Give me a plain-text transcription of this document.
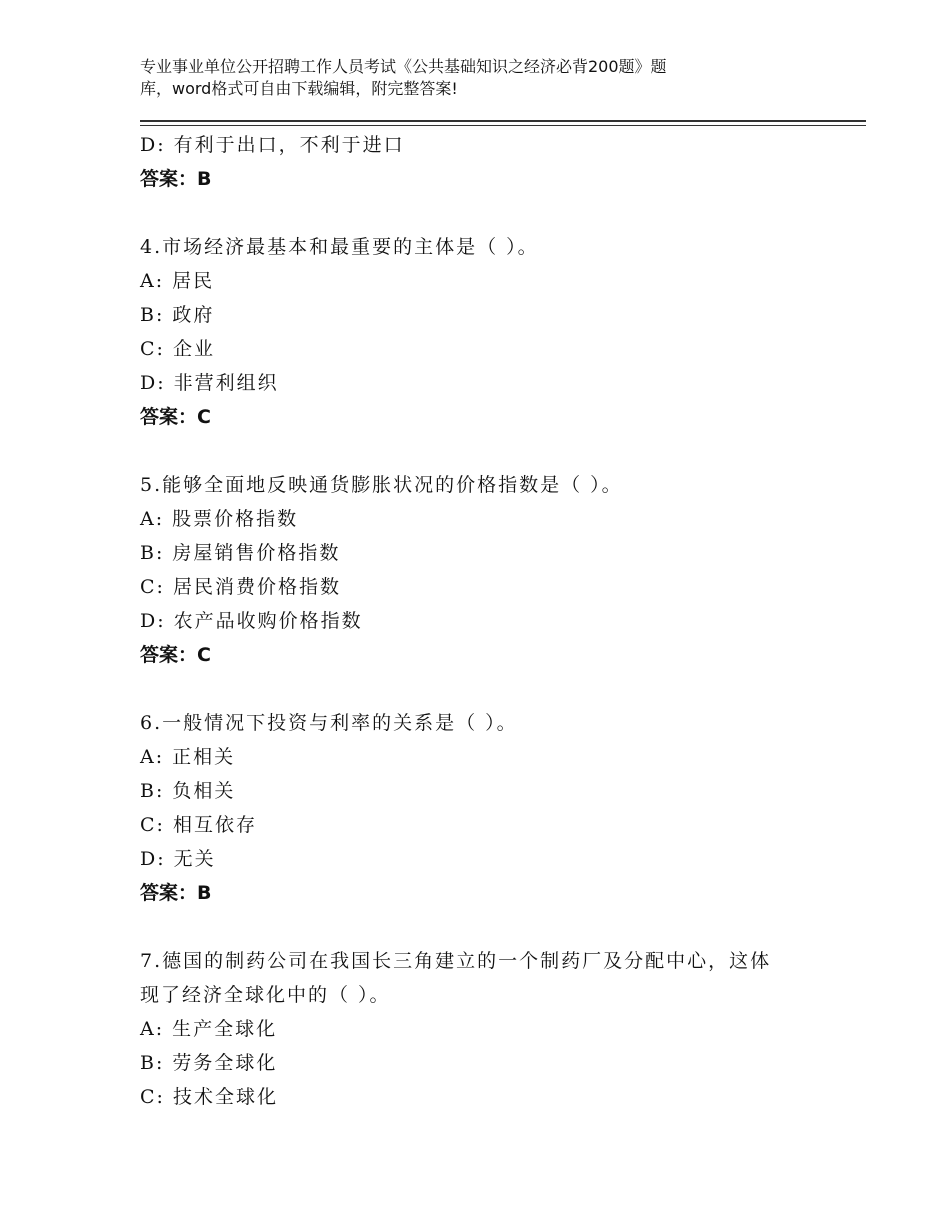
专业事业单位公开招聘工作人员考试《公共基础知识之经济必背200题》题
库，word格式可自由下载编辑，附完整答案!
D: 有利于出口，不利于进口
答案：B
4.市场经济最基本和最重要的主体是（ ）。
A: 居民
B: 政府
C: 企业
D: 非营利组织
答案：C
5.能够全面地反映通货膨胀状况的价格指数是（ ）。
A: 股票价格指数
B: 房屋销售价格指数
C: 居民消费价格指数
D: 农产品收购价格指数
答案：C
6.一般情况下投资与利率的关系是（ ）。
A: 正相关
B: 负相关
C: 相互依存
D: 无关
答案：B
7.德国的制药公司在我国长三角建立的一个制药厂及分配中心，这体
现了经济全球化中的（ ）。
A: 生产全球化
B: 劳务全球化
C: 技术全球化
